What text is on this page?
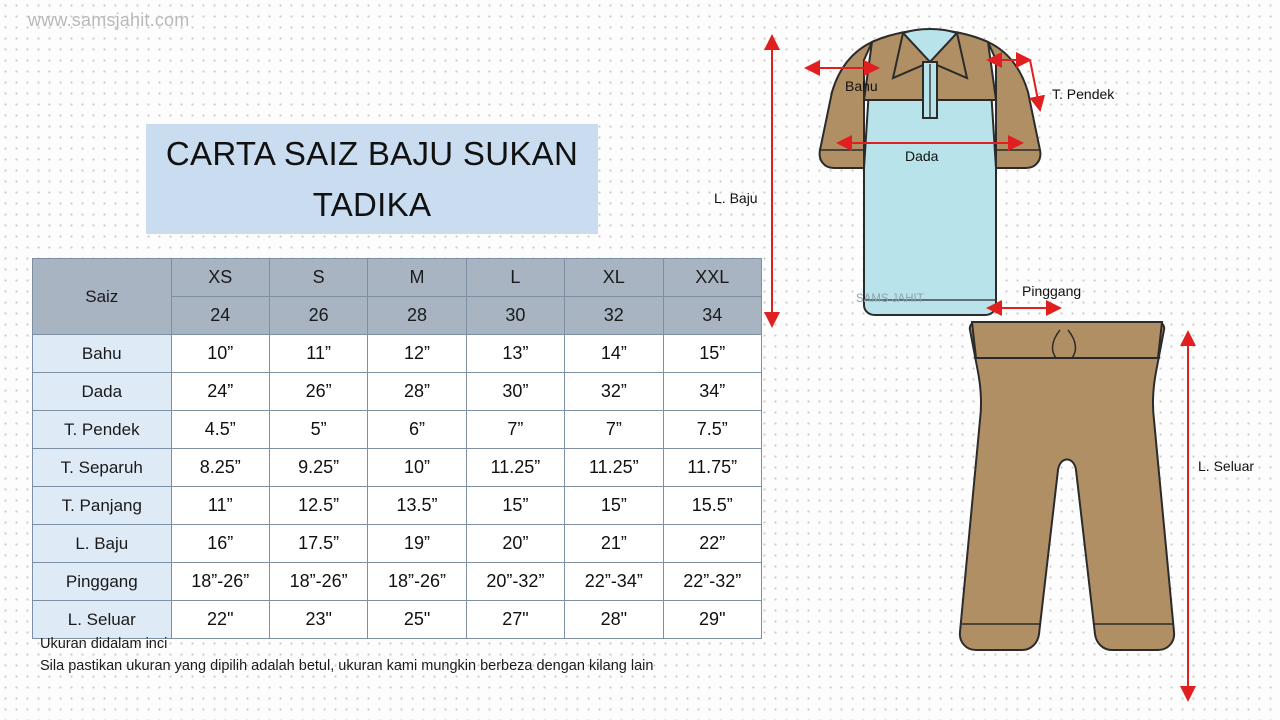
www.samsjahit.com
CARTA SAIZ BAJU SUKAN
TADIKA
Saiz	XS	S	M	L	XL	XXL
	24	26	28	30	32	34
Bahu	10”	11”	12”	13”	14”	15”
Dada	24”	26”	28”	30”	32”	34”
T. Pendek	4.5”	5”	6”	7”	7”	7.5”
T. Separuh	8.25”	9.25”	10”	11.25”	11.25”	11.75”
T. Panjang	11”	12.5”	13.5”	15”	15”	15.5”
L. Baju	16”	17.5”	19”	20”	21”	22”
Pinggang	18”-26”	18”-26”	18”-26”	20”-32”	22”-34”	22”-32”
L. Seluar	22"	23"	25"	27"	28"	29"
Ukuran didalam inci
Sila pastikan ukuran yang dipilih adalah betul, ukuran kami mungkin berbeza dengan kilang lain
Bahu
Dada
T. Pendek
L. Baju
Pinggang
L. Seluar
SAMS JAHIT
